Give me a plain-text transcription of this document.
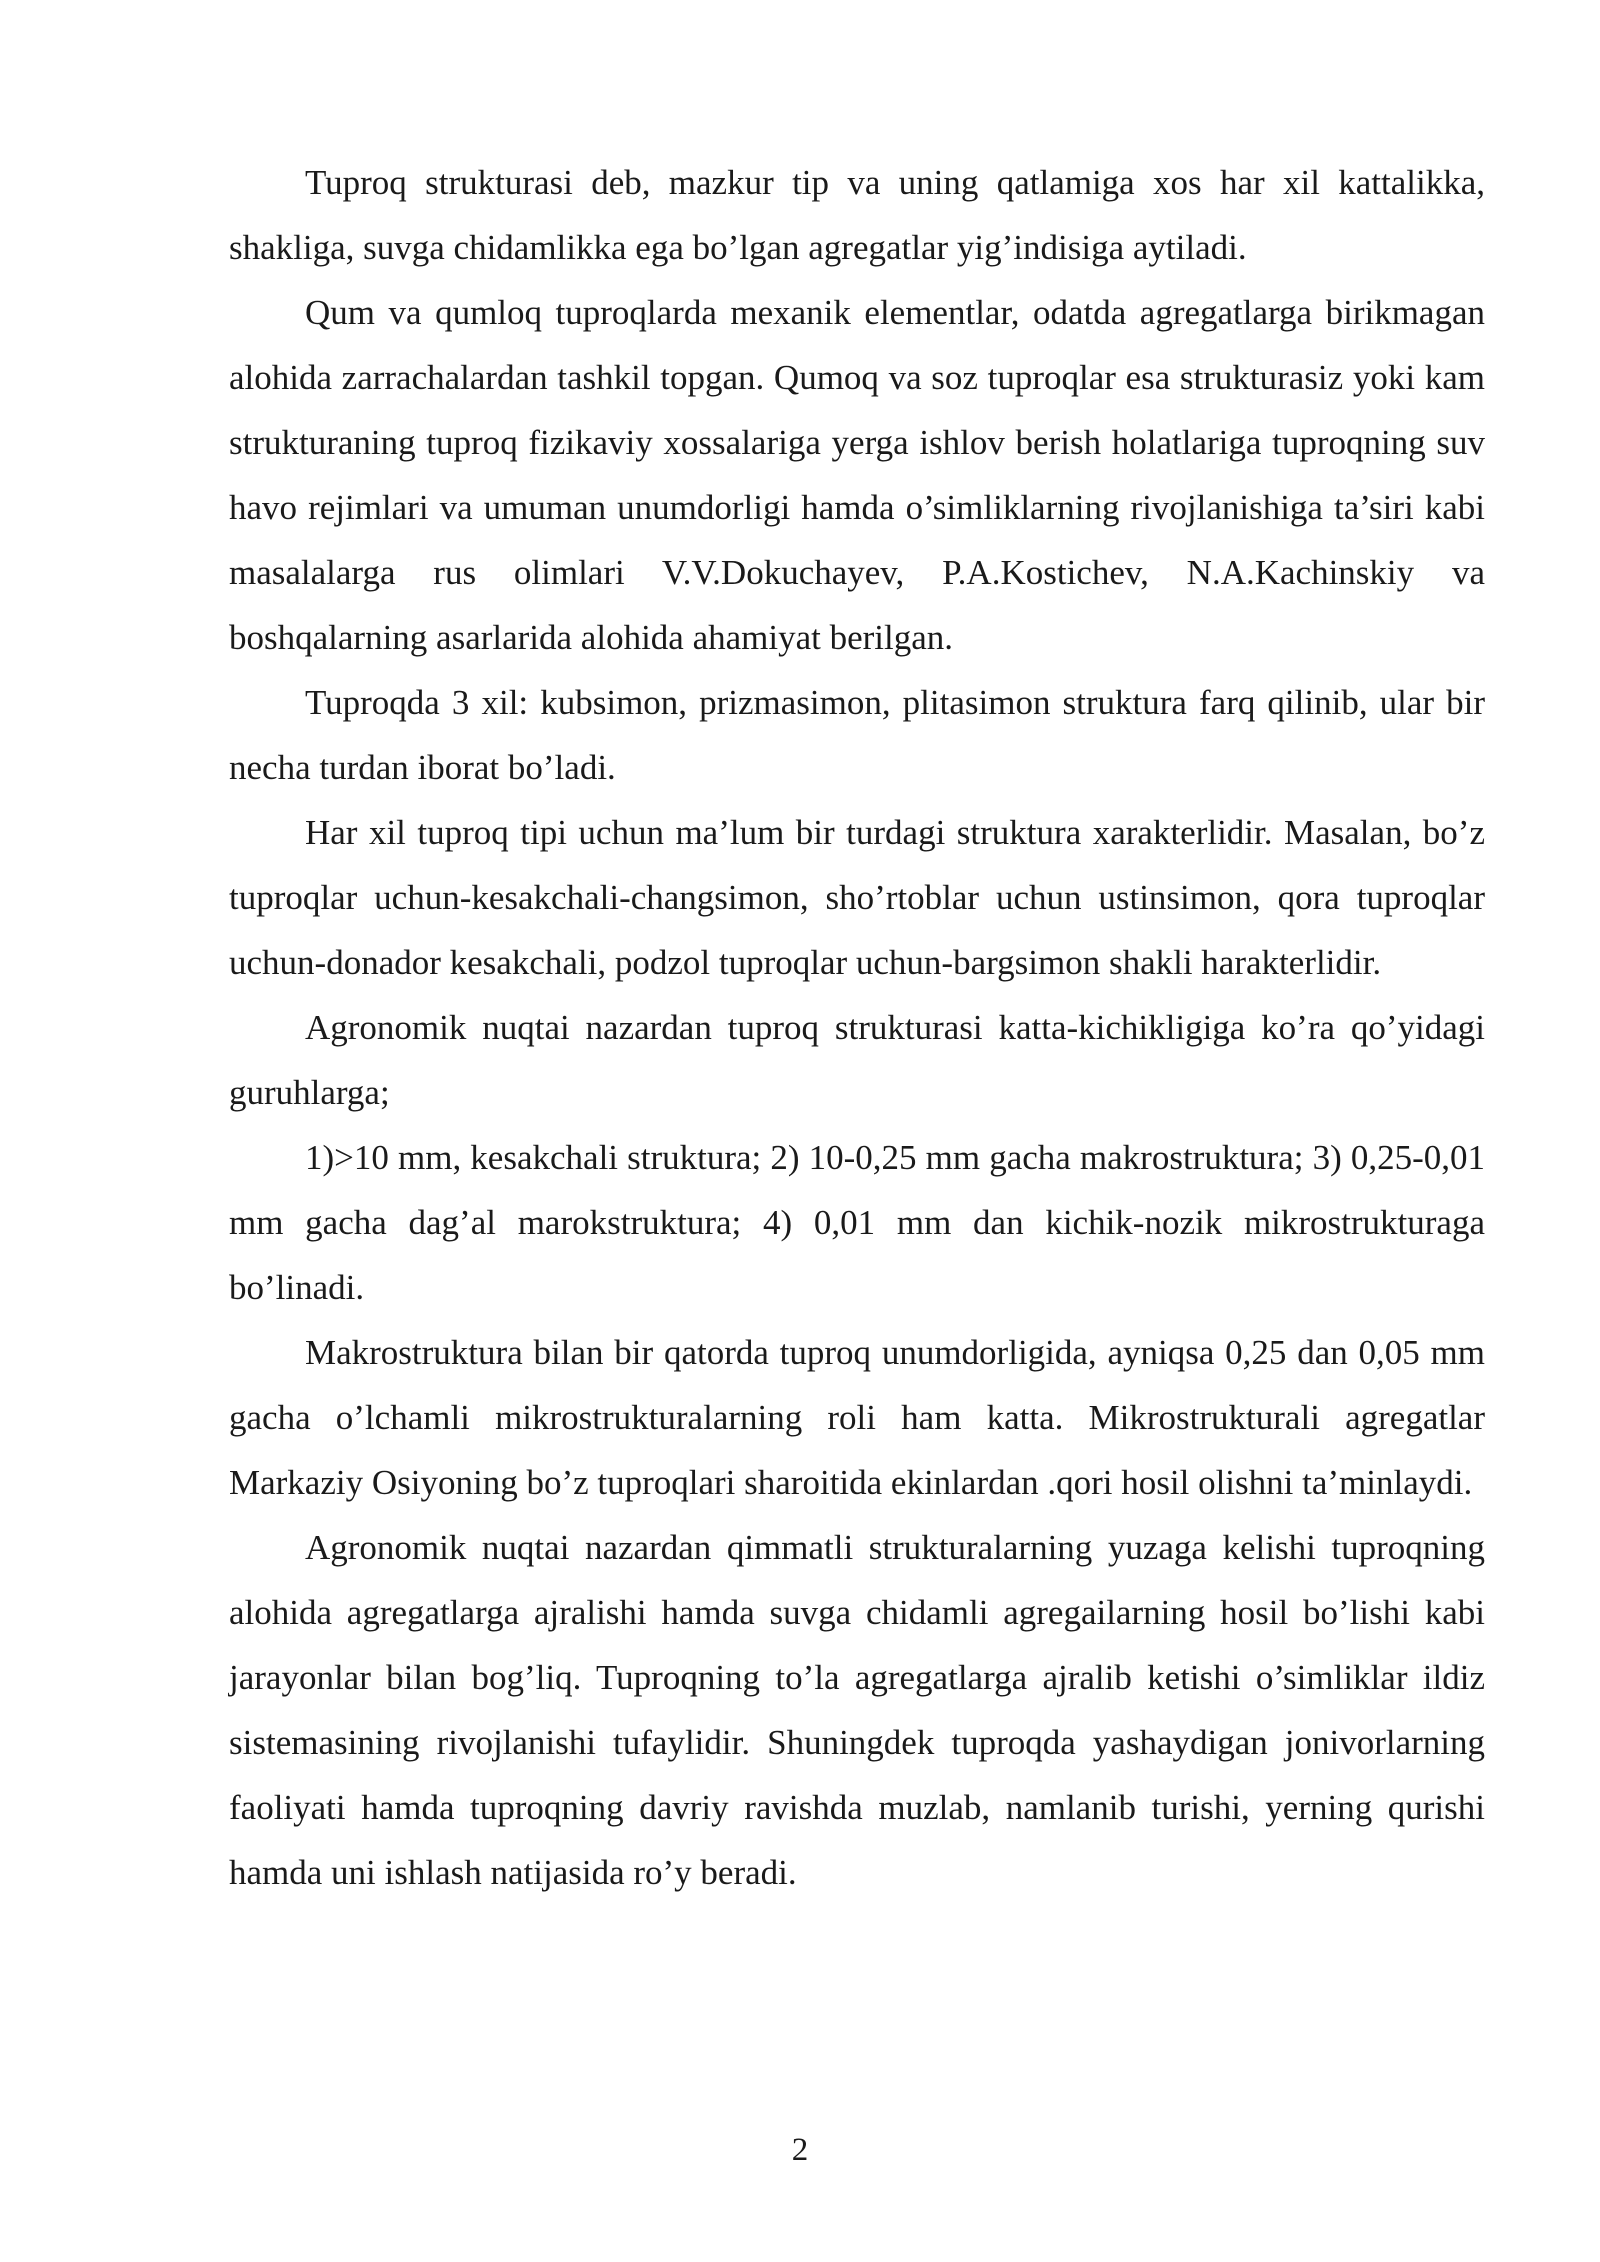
Tuproq strukturasi deb, mazkur tip va uning qatlamiga xos har xil kattalikka, shakliga, suvga chidamlikka ega bo’lgan agregatlar yig’indisiga aytiladi.

Qum va qumloq tuproqlarda mexanik elementlar, odatda agregatlarga birikmagan alohida zarrachalardan tashkil topgan. Qumoq va soz tuproqlar esa strukturasiz yoki kam strukturaning tuproq fizikaviy xossalariga yerga ishlov berish holatlariga tuproqning suv havo rejimlari va umuman unumdorligi hamda o’simliklarning rivojlanishiga ta’siri kabi masalalarga rus olimlari V.V.Dokuchayev, P.A.Kostichev, N.A.Kachinskiy va boshqalarning asarlarida alohida ahamiyat berilgan.

Tuproqda 3 xil: kubsimon, prizmasimon, plitasimon struktura farq qilinib, ular bir necha turdan iborat bo’ladi.

Har xil tuproq tipi uchun ma’lum bir turdagi struktura xarakterlidir. Masalan, bo’z tuproqlar uchun-kesakchali-changsimon, sho’rtoblar uchun ustinsimon, qora tuproqlar uchun-donador kesakchali, podzol tuproqlar uchun-bargsimon shakli harakterlidir.

Agronomik nuqtai nazardan tuproq strukturasi katta-kichikligiga ko’ra qo’yidagi guruhlarga;

1)>10 mm, kesakchali struktura; 2) 10-0,25 mm gacha makrostruktura; 3) 0,25-0,01 mm gacha dag’al marokstruktura; 4) 0,01 mm dan kichik-nozik mikrostrukturaga bo’linadi.

Makrostruktura bilan bir qatorda tuproq unumdorligida, ayniqsa 0,25 dan 0,05 mm gacha o’lchamli mikrostrukturalarning roli ham katta. Mikrostrukturali agregatlar Markaziy Osiyoning bo’z tuproqlari sharoitida ekinlardan .qori hosil olishni ta’minlaydi.

Agronomik nuqtai nazardan qimmatli strukturalarning yuzaga kelishi tuproqning alohida agregatlarga ajralishi hamda suvga chidamli agregailarning hosil bo’lishi kabi jarayonlar bilan bog’liq. Tuproqning to’la agregatlarga ajralib ketishi o’simliklar ildiz sistemasining rivojlanishi tufaylidir. Shuningdek tuproqda yashaydigan jonivorlarning faoliyati hamda tuproqning davriy ravishda muzlab, namlanib turishi, yerning qurishi hamda uni ishlash natijasida ro’y beradi.

2
